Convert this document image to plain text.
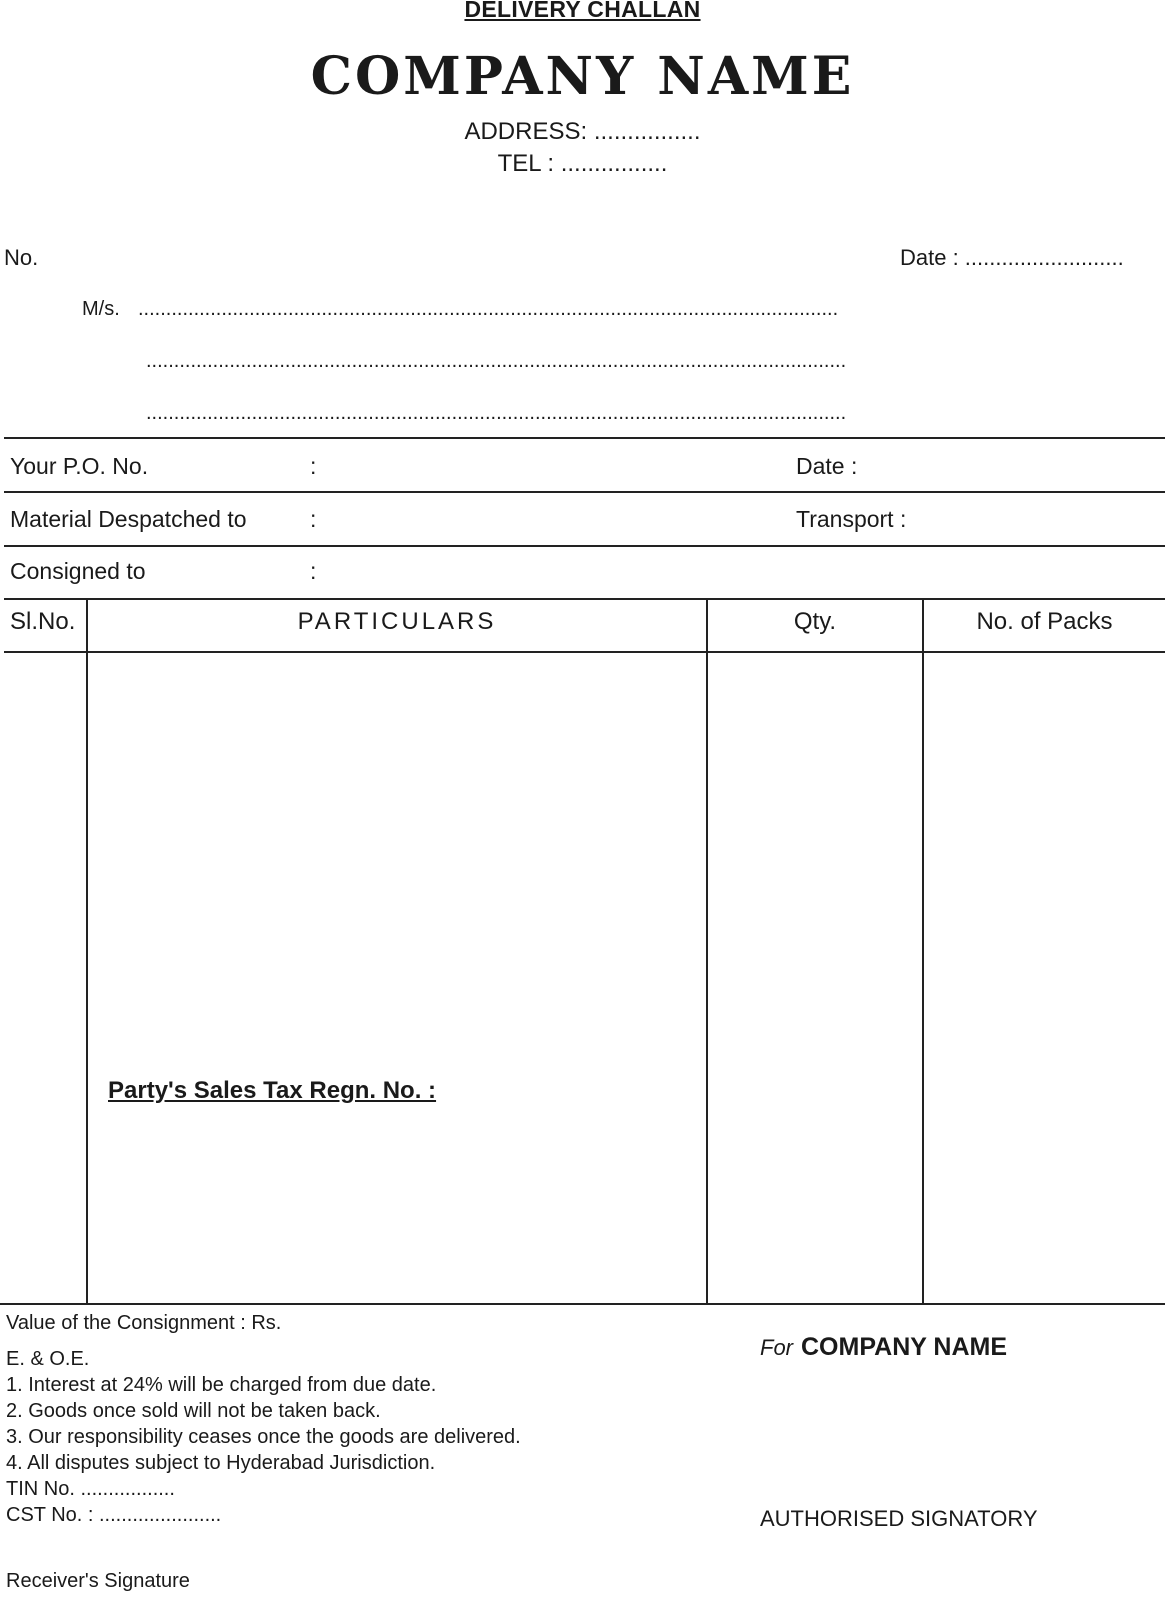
DELIVERY CHALLAN
COMPANY NAME
ADDRESS: ................
TEL : ................
No.	Date : ..........................
M/s. ..............................................................................................................................
..............................................................................................................................
..............................................................................................................................
Your P.O. No.	:	Date :
Material Despatched to	:	Transport :
Consigned to	:
Sl.No.	PARTICULARS	Qty.	No. of Packs
Party's Sales Tax Regn. No. :
Value of the Consignment : Rs.
E. & O.E.
1. Interest at 24% will be charged from due date.
2. Goods once sold will not be taken back.
3. Our responsibility ceases once the goods are delivered.
4. All disputes subject to Hyderabad Jurisdiction.
TIN No. .................
CST No. : ......................
Receiver's Signature
For COMPANY NAME
AUTHORISED SIGNATORY
